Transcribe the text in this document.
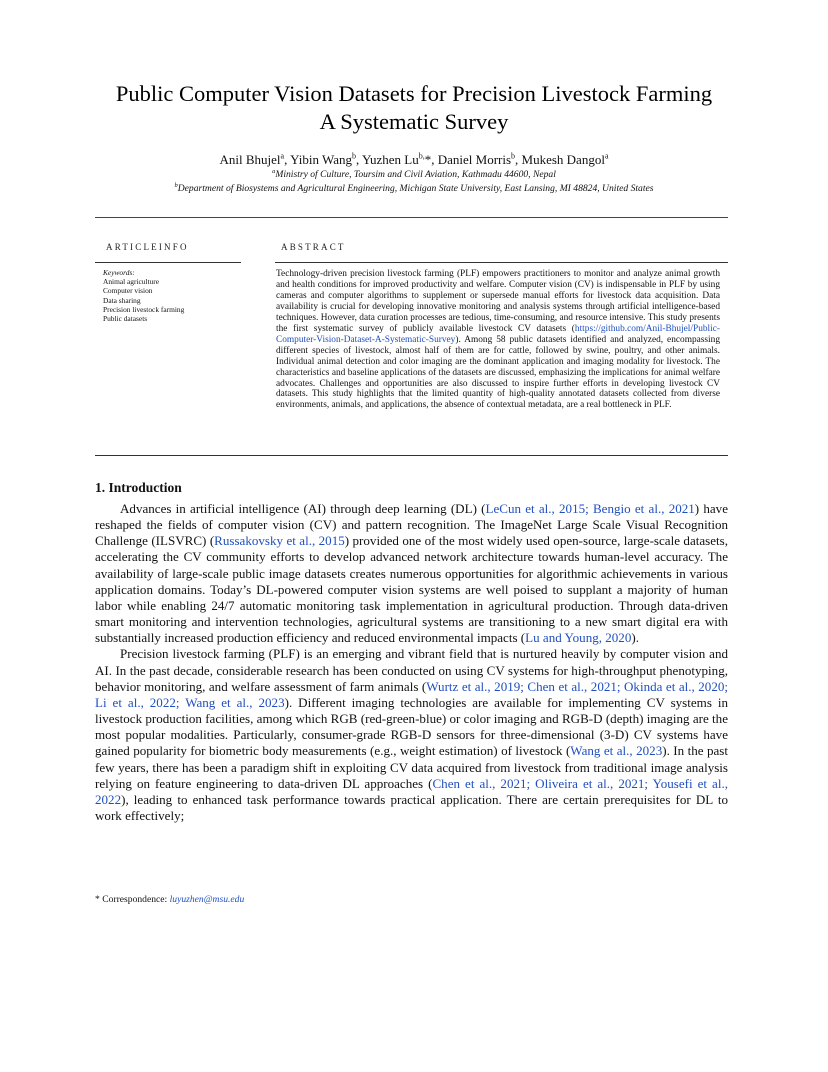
Public Computer Vision Datasets for Precision Livestock Farming
A Systematic Survey
Anil Bhujel$^a$, Yibin Wang$^b$, Yuzhen $Lu^{b,}*$, Daniel Morris$^b$, Mukesh Dangol$^a$
$^a$Ministry of Culture, Toursim and Civil Aviation, Kathmadu 44600, Nepal
$^b$Department of Biosystems and Agricultural Engineering, Michigan State University, East Lansing, MI 48824, United States
ARTICLEINFO	ABSTRACT
Keywords:
Animal agriculture
Computer vision
Data sharing
Precision livestock farming
Public datasets
Technology-driven precision livestock farming (PLF) empowers practitioners to monitor and analyze animal growth and health conditions for improved productivity and welfare. Computer vision (CV) is indispensable in PLF by using cameras and computer algorithms to supplement or supersede manual efforts for livestock data acquisition. Data availability is crucial for developing innovative monitoring and analysis systems through artificial intelligence-based techniques. However, data curation processes are tedious, time-consuming, and resource intensive. This study presents the first systematic survey of publicly available livestock CV datasets (https://github.com/Anil-Bhujel/Public-Computer-Vision-Dataset-A-Systematic-Survey). Among 58 public datasets identified and analyzed, encompassing different species of livestock, almost half of them are for cattle, followed by swine, poultry, and other animals. Individual animal detection and color imaging are the dominant application and imaging modality for livestock. The characteristics and baseline applications of the datasets are discussed, emphasizing the implications for animal welfare advocates. Challenges and opportunities are also discussed to inspire further efforts in developing livestock CV datasets. This study highlights that the limited quantity of high-quality annotated datasets collected from diverse environments, animals, and applications, the absence of contextual metadata, are a real bottleneck in PLF.
1. Introduction

Advances in artificial intelligence (AI) through deep learning (DL) (LeCun et al., 2015; Bengio et al., 2021) have reshaped the fields of computer vision (CV) and pattern recognition. The ImageNet Large Scale Visual Recognition Challenge (ILSVRC) (Russakovsky et al., 2015) provided one of the most widely used open-source, large-scale datasets, accelerating the CV community efforts to develop advanced network architecture towards human-level accuracy. The availability of large-scale public image datasets creates numerous opportunities for algorithmic achievements in various application domains. Today’s DL-powered computer vision systems are well poised to supplant a majority of human labor while enabling 24/7 automatic monitoring task implementation in agricultural production. Through data-driven smart monitoring and intervention technologies, agricultural systems are transitioning to a new smart digital era with substantially increased production efficiency and reduced environmental impacts (Lu and Young, 2020).

Precision livestock farming (PLF) is an emerging and vibrant field that is nurtured heavily by computer vision and AI. In the past decade, considerable research has been conducted on using CV systems for high-throughput phenotyping, behavior monitoring, and welfare assessment of farm animals (Wurtz et al., 2019; Chen et al., 2021; Okinda et al., 2020; Li et al., 2022; Wang et al., 2023). Different imaging technologies are available for implementing CV systems in livestock production facilities, among which RGB (red-green-blue) or color imaging and RGB-D (depth) imaging are the most popular modalities. Particularly, consumer-grade RGB-D sensors for three-dimensional (3-D) CV systems have gained popularity for biometric body measurements (e.g., weight estimation) of livestock (Wang et al., 2023). In the past few years, there has been a paradigm shift in exploiting CV data acquired from livestock from traditional image analysis relying on feature engineering to data-driven DL approaches (Chen et al., 2021; Oliveira et al., 2021; Yousefi et al., 2022), leading to enhanced task performance towards practical application. There are certain prerequisites for DL to work effectively;

* Correspondence: luyuzhen@msu.edu
